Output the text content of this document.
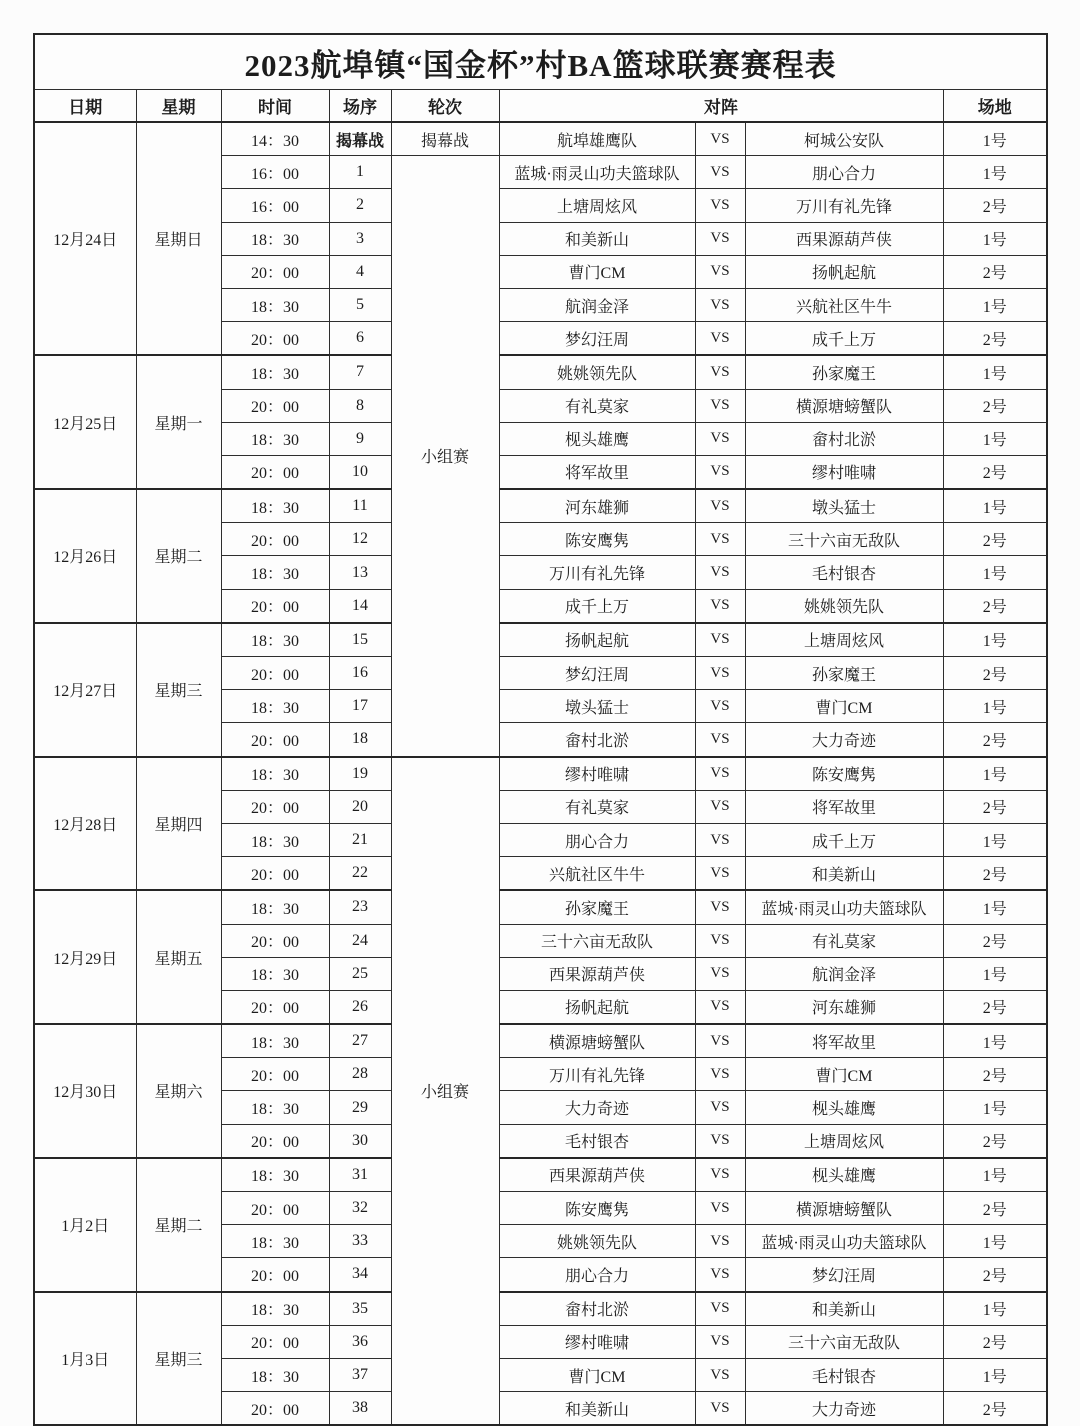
2023航埠镇“国金杯”村BA篮球联赛赛程表								
日期	星期	时间	场序	轮次	对阵			场地
12月24日	星期日	14：30	揭幕战	揭幕战	航埠雄鹰队	VS	柯城公安队	1号
		16：00	1	小组赛	蓝城·雨灵山功夫篮球队	VS	朋心合力	1号
		16：00	2		上塘周炫风	VS	万川有礼先锋	2号
		18：30	3		和美新山	VS	西果源葫芦侠	1号
		20：00	4		曹门CM	VS	扬帆起航	2号
		18：30	5		航润金泽	VS	兴航社区牛牛	1号
		20：00	6		梦幻汪周	VS	成千上万	2号
12月25日	星期一	18：30	7		姚姚领先队	VS	孙家魔王	1号
		20：00	8		有礼莫家	VS	横源塘螃蟹队	2号
		18：30	9		枧头雄鹰	VS	畲村北淤	1号
		20：00	10		将军故里	VS	缪村唯啸	2号
12月26日	星期二	18：30	11		河东雄狮	VS	墩头猛士	1号
		20：00	12		陈安鹰隽	VS	三十六亩无敌队	2号
		18：30	13		万川有礼先锋	VS	毛村银杏	1号
		20：00	14		成千上万	VS	姚姚领先队	2号
12月27日	星期三	18：30	15		扬帆起航	VS	上塘周炫风	1号
		20：00	16		梦幻汪周	VS	孙家魔王	2号
		18：30	17		墩头猛士	VS	曹门CM	1号
		20：00	18		畲村北淤	VS	大力奇迹	2号
12月28日	星期四	18：30	19	小组赛	缪村唯啸	VS	陈安鹰隽	1号
		20：00	20		有礼莫家	VS	将军故里	2号
		18：30	21		朋心合力	VS	成千上万	1号
		20：00	22		兴航社区牛牛	VS	和美新山	2号
12月29日	星期五	18：30	23		孙家魔王	VS	蓝城·雨灵山功夫篮球队	1号
		20：00	24		三十六亩无敌队	VS	有礼莫家	2号
		18：30	25		西果源葫芦侠	VS	航润金泽	1号
		20：00	26		扬帆起航	VS	河东雄狮	2号
12月30日	星期六	18：30	27		横源塘螃蟹队	VS	将军故里	1号
		20：00	28		万川有礼先锋	VS	曹门CM	2号
		18：30	29		大力奇迹	VS	枧头雄鹰	1号
		20：00	30		毛村银杏	VS	上塘周炫风	2号
1月2日	星期二	18：30	31		西果源葫芦侠	VS	枧头雄鹰	1号
		20：00	32		陈安鹰隽	VS	横源塘螃蟹队	2号
		18：30	33		姚姚领先队	VS	蓝城·雨灵山功夫篮球队	1号
		20：00	34		朋心合力	VS	梦幻汪周	2号
1月3日	星期三	18：30	35		畲村北淤	VS	和美新山	1号
		20：00	36		缪村唯啸	VS	三十六亩无敌队	2号
		18：30	37		曹门CM	VS	毛村银杏	1号
		20：00	38		和美新山	VS	大力奇迹	2号
